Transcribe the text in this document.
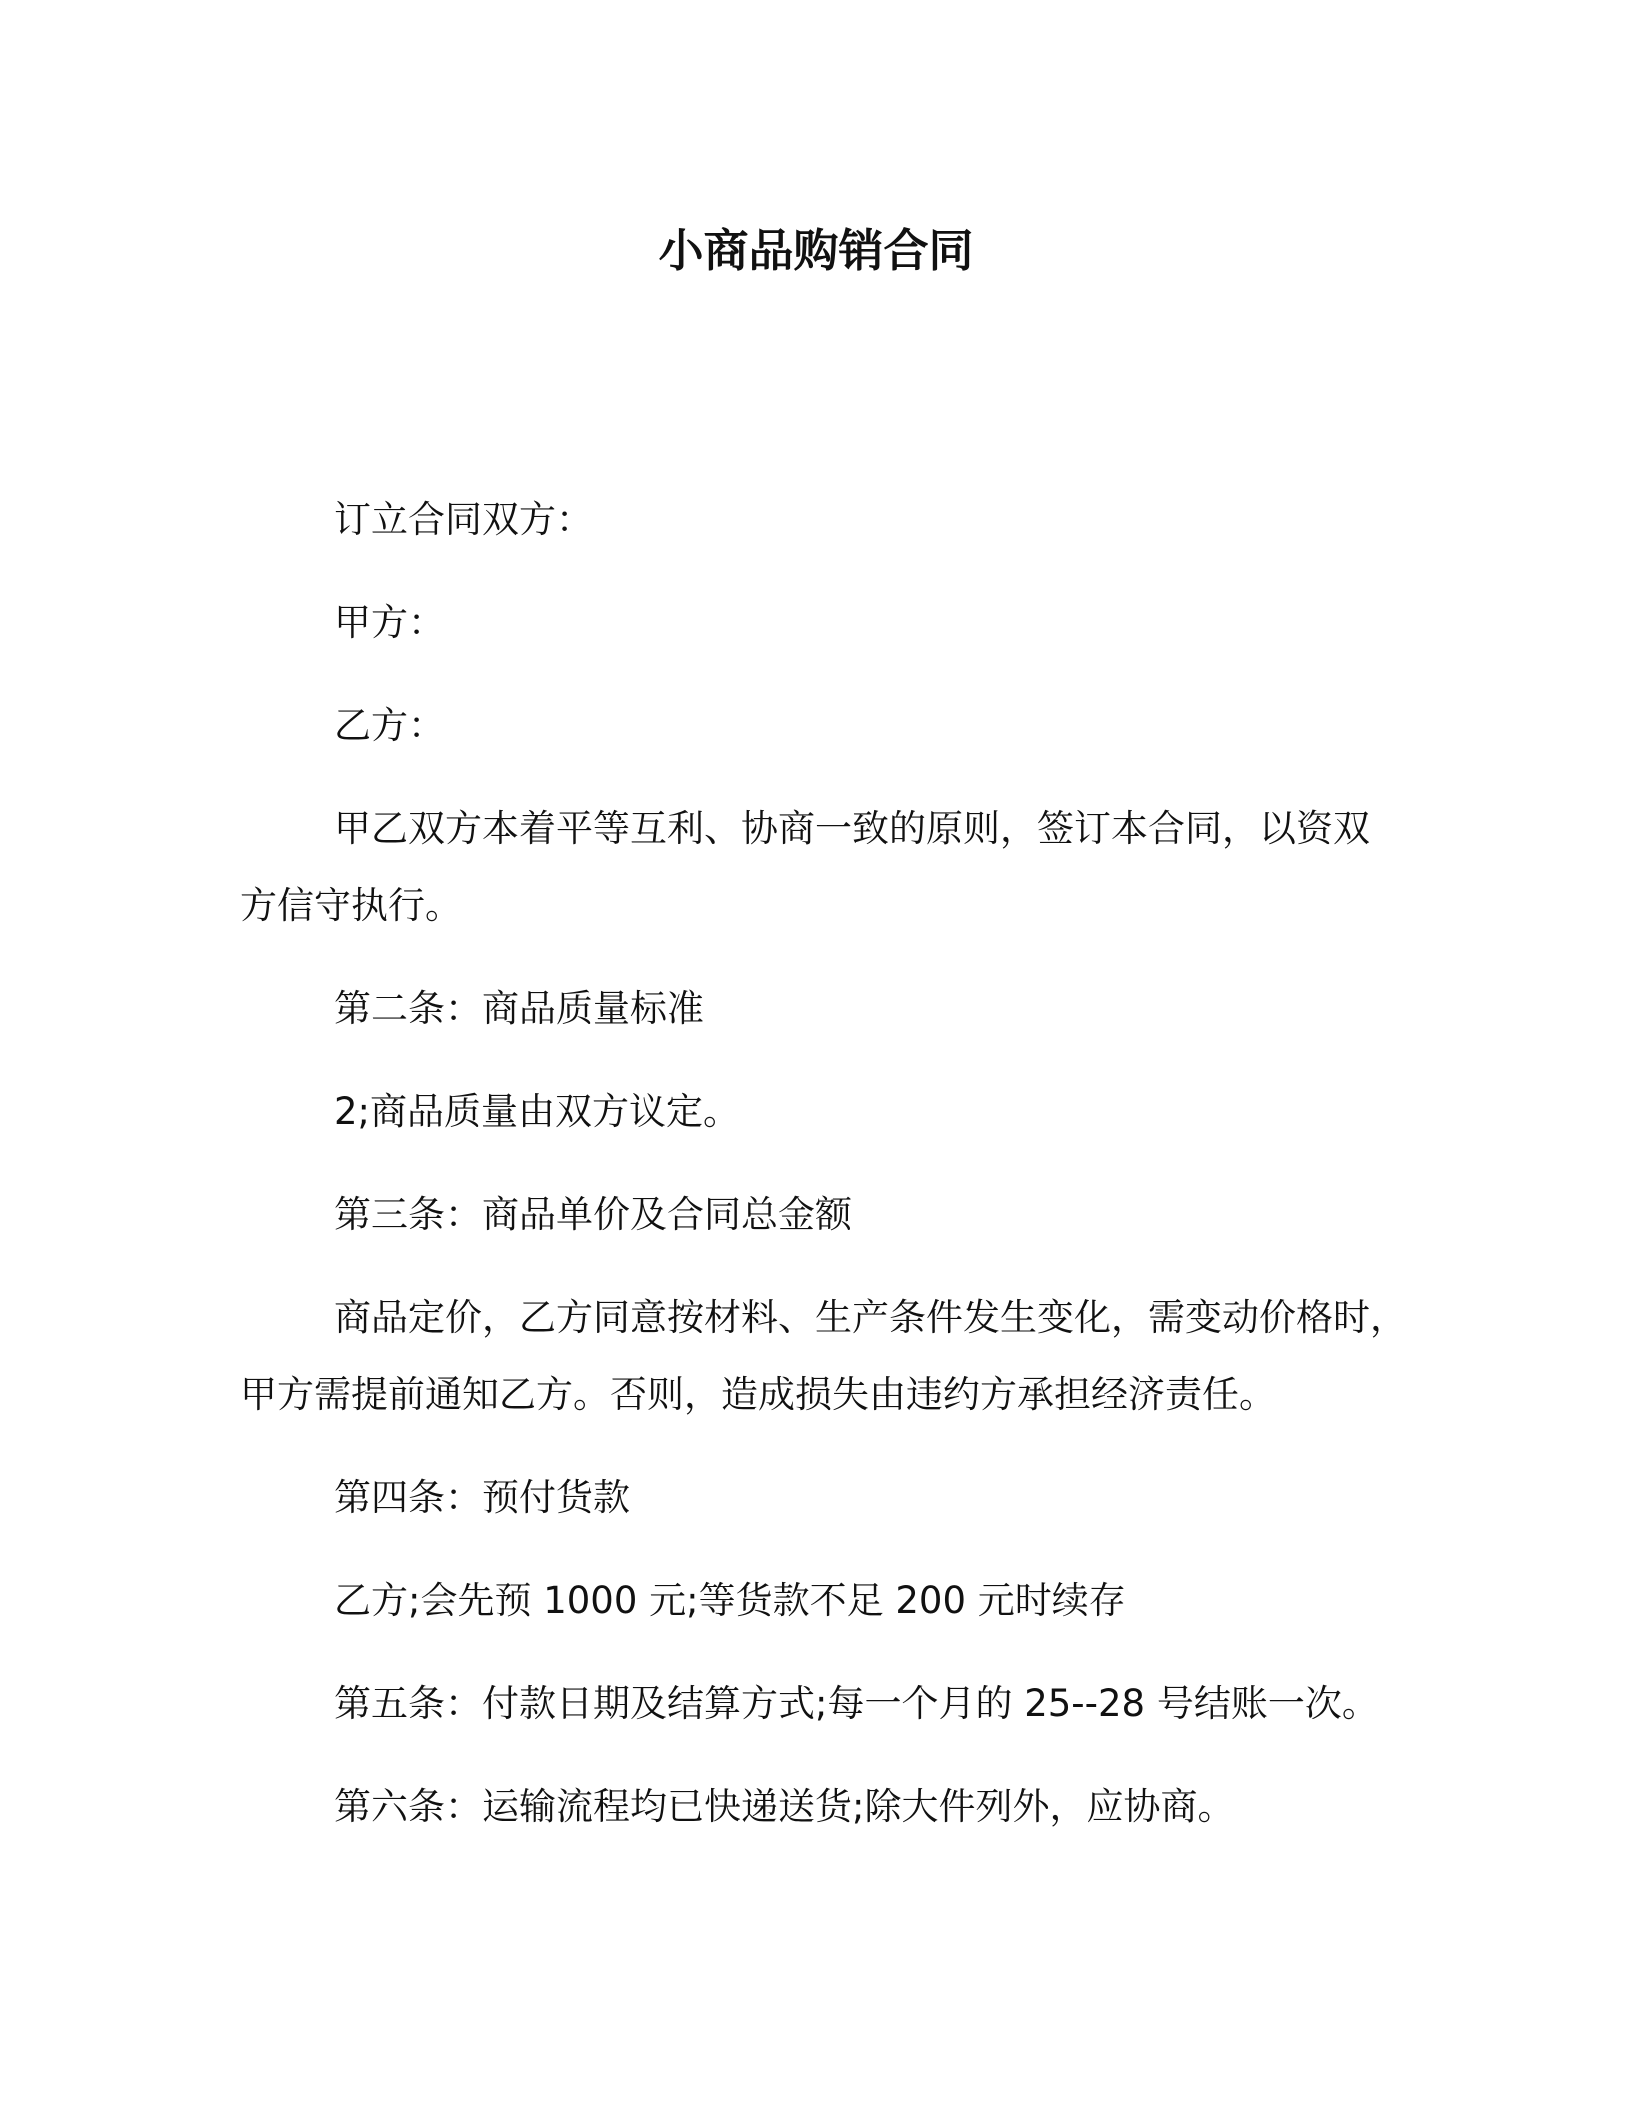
小商品购销合同

订立合同双方：

甲方：

乙方：

甲乙双方本着平等互利、协商一致的原则，签订本合同，以资双

方信守执行。

第二条：商品质量标准

2;商品质量由双方议定。

第三条：商品单价及合同总金额

商品定价，乙方同意按材料、生产条件发生变化，需变动价格时，

甲方需提前通知乙方。否则，造成损失由违约方承担经济责任。

第四条：预付货款

乙方;会先预 1000 元;等货款不足 200 元时续存

第五条：付款日期及结算方式;每一个月的 25--28 号结账一次。

第六条：运输流程均已快递送货;除大件列外，应协商。
